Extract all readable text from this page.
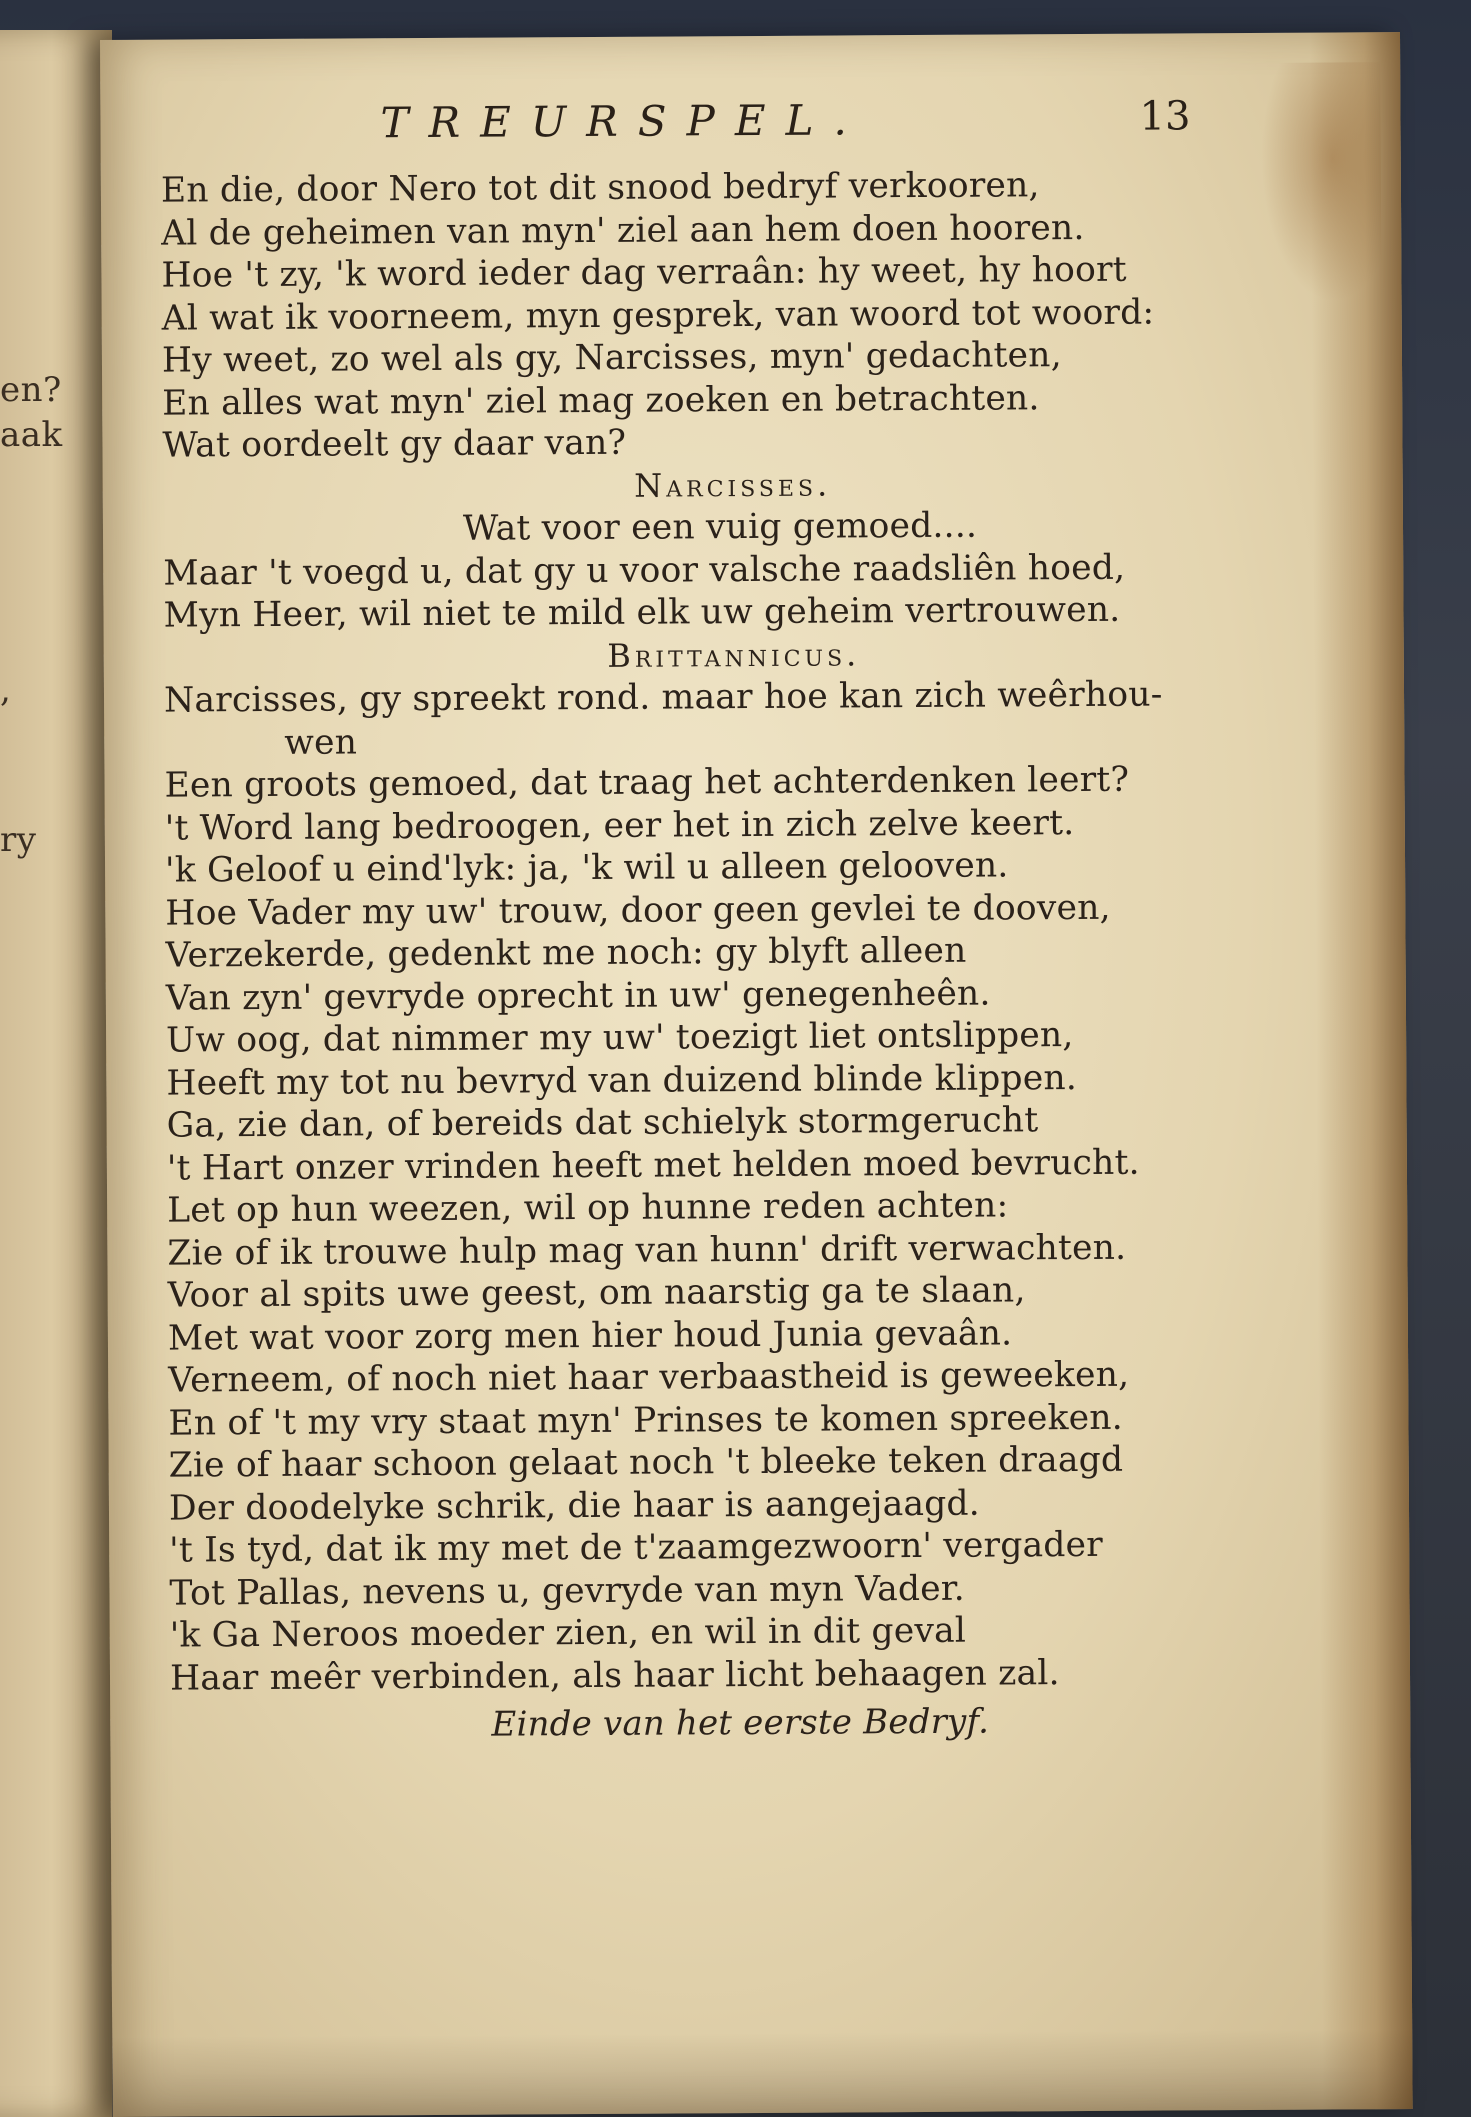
en?
aak
,
ry
TREURSPEL.	13
En die, door Nero tot dit snood bedryf verkooren,
Al de geheimen van myn' ziel aan hem doen hooren.
Hoe 't zy, 'k word ieder dag verraân: hy weet, hy hoort
Al wat ik voorneem, myn gesprek, van woord tot woord:
Hy weet, zo wel als gy, Narcisses, myn' gedachten,
En alles wat myn' ziel mag zoeken en betrachten.
Wat oordeelt gy daar van?
Narcisses.
Wat voor een vuig gemoed....
Maar 't voegd u, dat gy u voor valsche raadsliên hoed,
Myn Heer, wil niet te mild elk uw geheim vertrouwen.
Brittannicus.
Narcisses, gy spreekt rond. maar hoe kan zich weêrhou-
wen
Een groots gemoed, dat traag het achterdenken leert?
't Word lang bedroogen, eer het in zich zelve keert.
'k Geloof u eind'lyk: ja, 'k wil u alleen gelooven.
Hoe Vader my uw' trouw, door geen gevlei te dooven,
Verzekerde, gedenkt me noch: gy blyft alleen
Van zyn' gevryde oprecht in uw' genegenheên.
Uw oog, dat nimmer my uw' toezigt liet ontslippen,
Heeft my tot nu bevryd van duizend blinde klippen.
Ga, zie dan, of bereids dat schielyk stormgerucht
't Hart onzer vrinden heeft met helden moed bevrucht.
Let op hun weezen, wil op hunne reden achten:
Zie of ik trouwe hulp mag van hunn' drift verwachten.
Voor al spits uwe geest, om naarstig ga te slaan,
Met wat voor zorg men hier houd Junia gevaân.
Verneem, of noch niet haar verbaastheid is geweeken,
En of 't my vry staat myn' Prinses te komen spreeken.
Zie of haar schoon gelaat noch 't bleeke teken draagd
Der doodelyke schrik, die haar is aangejaagd.
't Is tyd, dat ik my met de t'zaamgezwoorn' vergader
Tot Pallas, nevens u, gevryde van myn Vader.
'k Ga Neroos moeder zien, en wil in dit geval
Haar meêr verbinden, als haar licht behaagen zal.
Einde van het eerste Bedryf.
